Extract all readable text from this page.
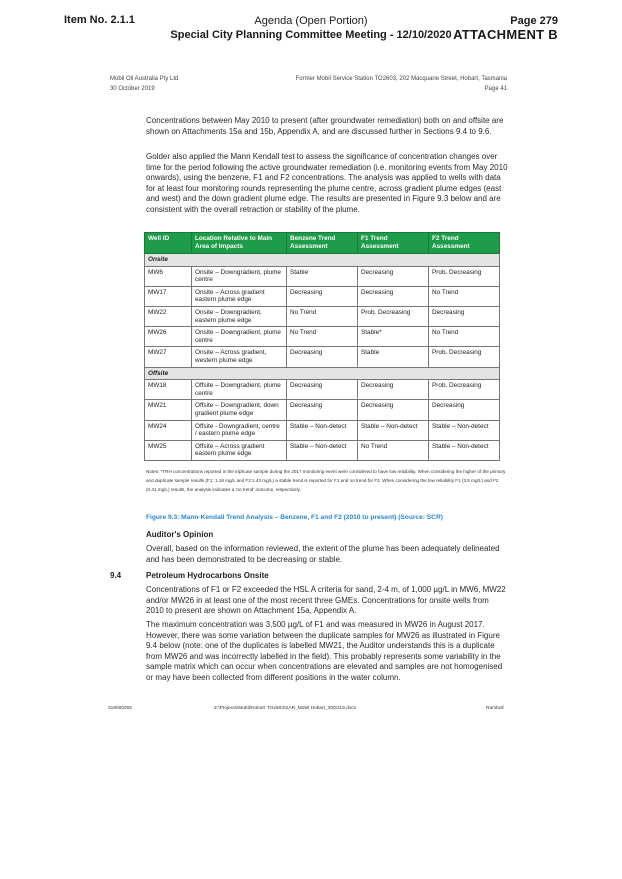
Item No. 2.1.1	Agenda (Open Portion)
Special City Planning Committee Meeting - 12/10/2020
Page 279
ATTACHMENT B
Mobil Oil Australia Pty Ltd
30 October 2019
Former Mobil Service Station TO2603, 202 Macquarie Street, Hobart, Tasmania
Page 41
Concentrations between May 2010 to present (after groundwater remediation) both on and offsite are shown on Attachments 15a and 15b, Appendix A, and are discussed further in Sections 9.4 to 9.6.
Golder also applied the Mann Kendall test to assess the significance of concentration changes over time for the period following the active groundwater remediation (i.e. monitoring events from May 2010 onwards), using the benzene, F1 and F2 concentrations. The analysis was applied to wells with data for at least four monitoring rounds representing the plume centre, across gradient plume edges (east and west) and the down gradient plume edge. The results are presented in Figure 9.3 below and are consistent with the overall retraction or stability of the plume.
Well ID	Location Relative to Main Area of Impacts	Benzene Trend Assessment	F1 Trend Assessment	F2 Trend Assessment
Onsite				
MW6	Onsite – Downgradient, plume centre	Stable	Decreasing	Prob. Decreasing
MW17	Onsite – Across gradient eastern plume edge	Decreasing	Decreasing	No Trend
MW22	Onsite – Downgradient, eastern plume edge	No Trend	Prob. Decreasing	Decreasing
MW26	Onsite – Downgradient, plume centre	No Trend	Stable*	No Trend
MW27	Onsite – Across gradient, western plume edge	Decreasing	Stable	Prob. Decreasing
Offsite				
MW18	Offsite – Downgradient, plume centre	Decreasing	Decreasing	Prob. Decreasing
MW21	Offsite – Downgradient, down gradient plume edge	Decreasing	Decreasing	Decreasing
MW24	Offsite - Downgradient, centre / eastern plume edge	Stable – Non-detect	Stable – Non-detect	Stable – Non-detect
MW25	Offsite – Across gradient eastern plume edge	Stable – Non-detect	No Trend	Stable – Non-detect
Notes: *TRH concentrations reported in the triplicate sample during the 2017 monitoring event were considered to have low reliability. When considering the higher of the primary and duplicate sample results (F1: 1.18 mg/L and F2:1.43 mg/L) a stable trend is reported for F1 and no trend for F2. When considering the low reliability F1 (3.5 mg/L) and F2 (0.41 mg/L) results, the analysis indicates a 'no trend' outcome, respectively.
Figure 9.3: Mann-Kendall Trend Analysis – Benzene, F1 and F2 (2010 to present) (Source: SCR)
Auditor's Opinion
Overall, based on the information reviewed, the extent of the plume has been adequately delineated and has been demonstrated to be decreasing or stable.
9.4	Petroleum Hydrocarbons Onsite
Concentrations of F1 or F2 exceeded the HSL A criteria for sand, 2-4 m, of 1,000 µg/L in MW6, MW22 and/or MW26 in at least one of the most recent three GMEs. Concentrations for onsite wells from 2010 to present are shown on Attachment 15a, Appendix A.
The maximum concentration was 3,500 µg/L of F1 and was measured in MW26 in August 2017. However, there was some variation between the duplicate samples for MW26 as illustrated in Figure 9.4 below (note: one of the duplicates is labelled MW21, the Auditor understands this is a duplicate from MW26 and was incorrectly labelled in the field). This probably represents some variability in the sample matrix which can occur when concentrations are elevated and samples are not homogenised or may have been collected from different positions in the water column.
318000205	Z:\Projects\Mobil\Hobart TO2603\SAR_Mobil Hobart_300ct19.docx	Ramboll
